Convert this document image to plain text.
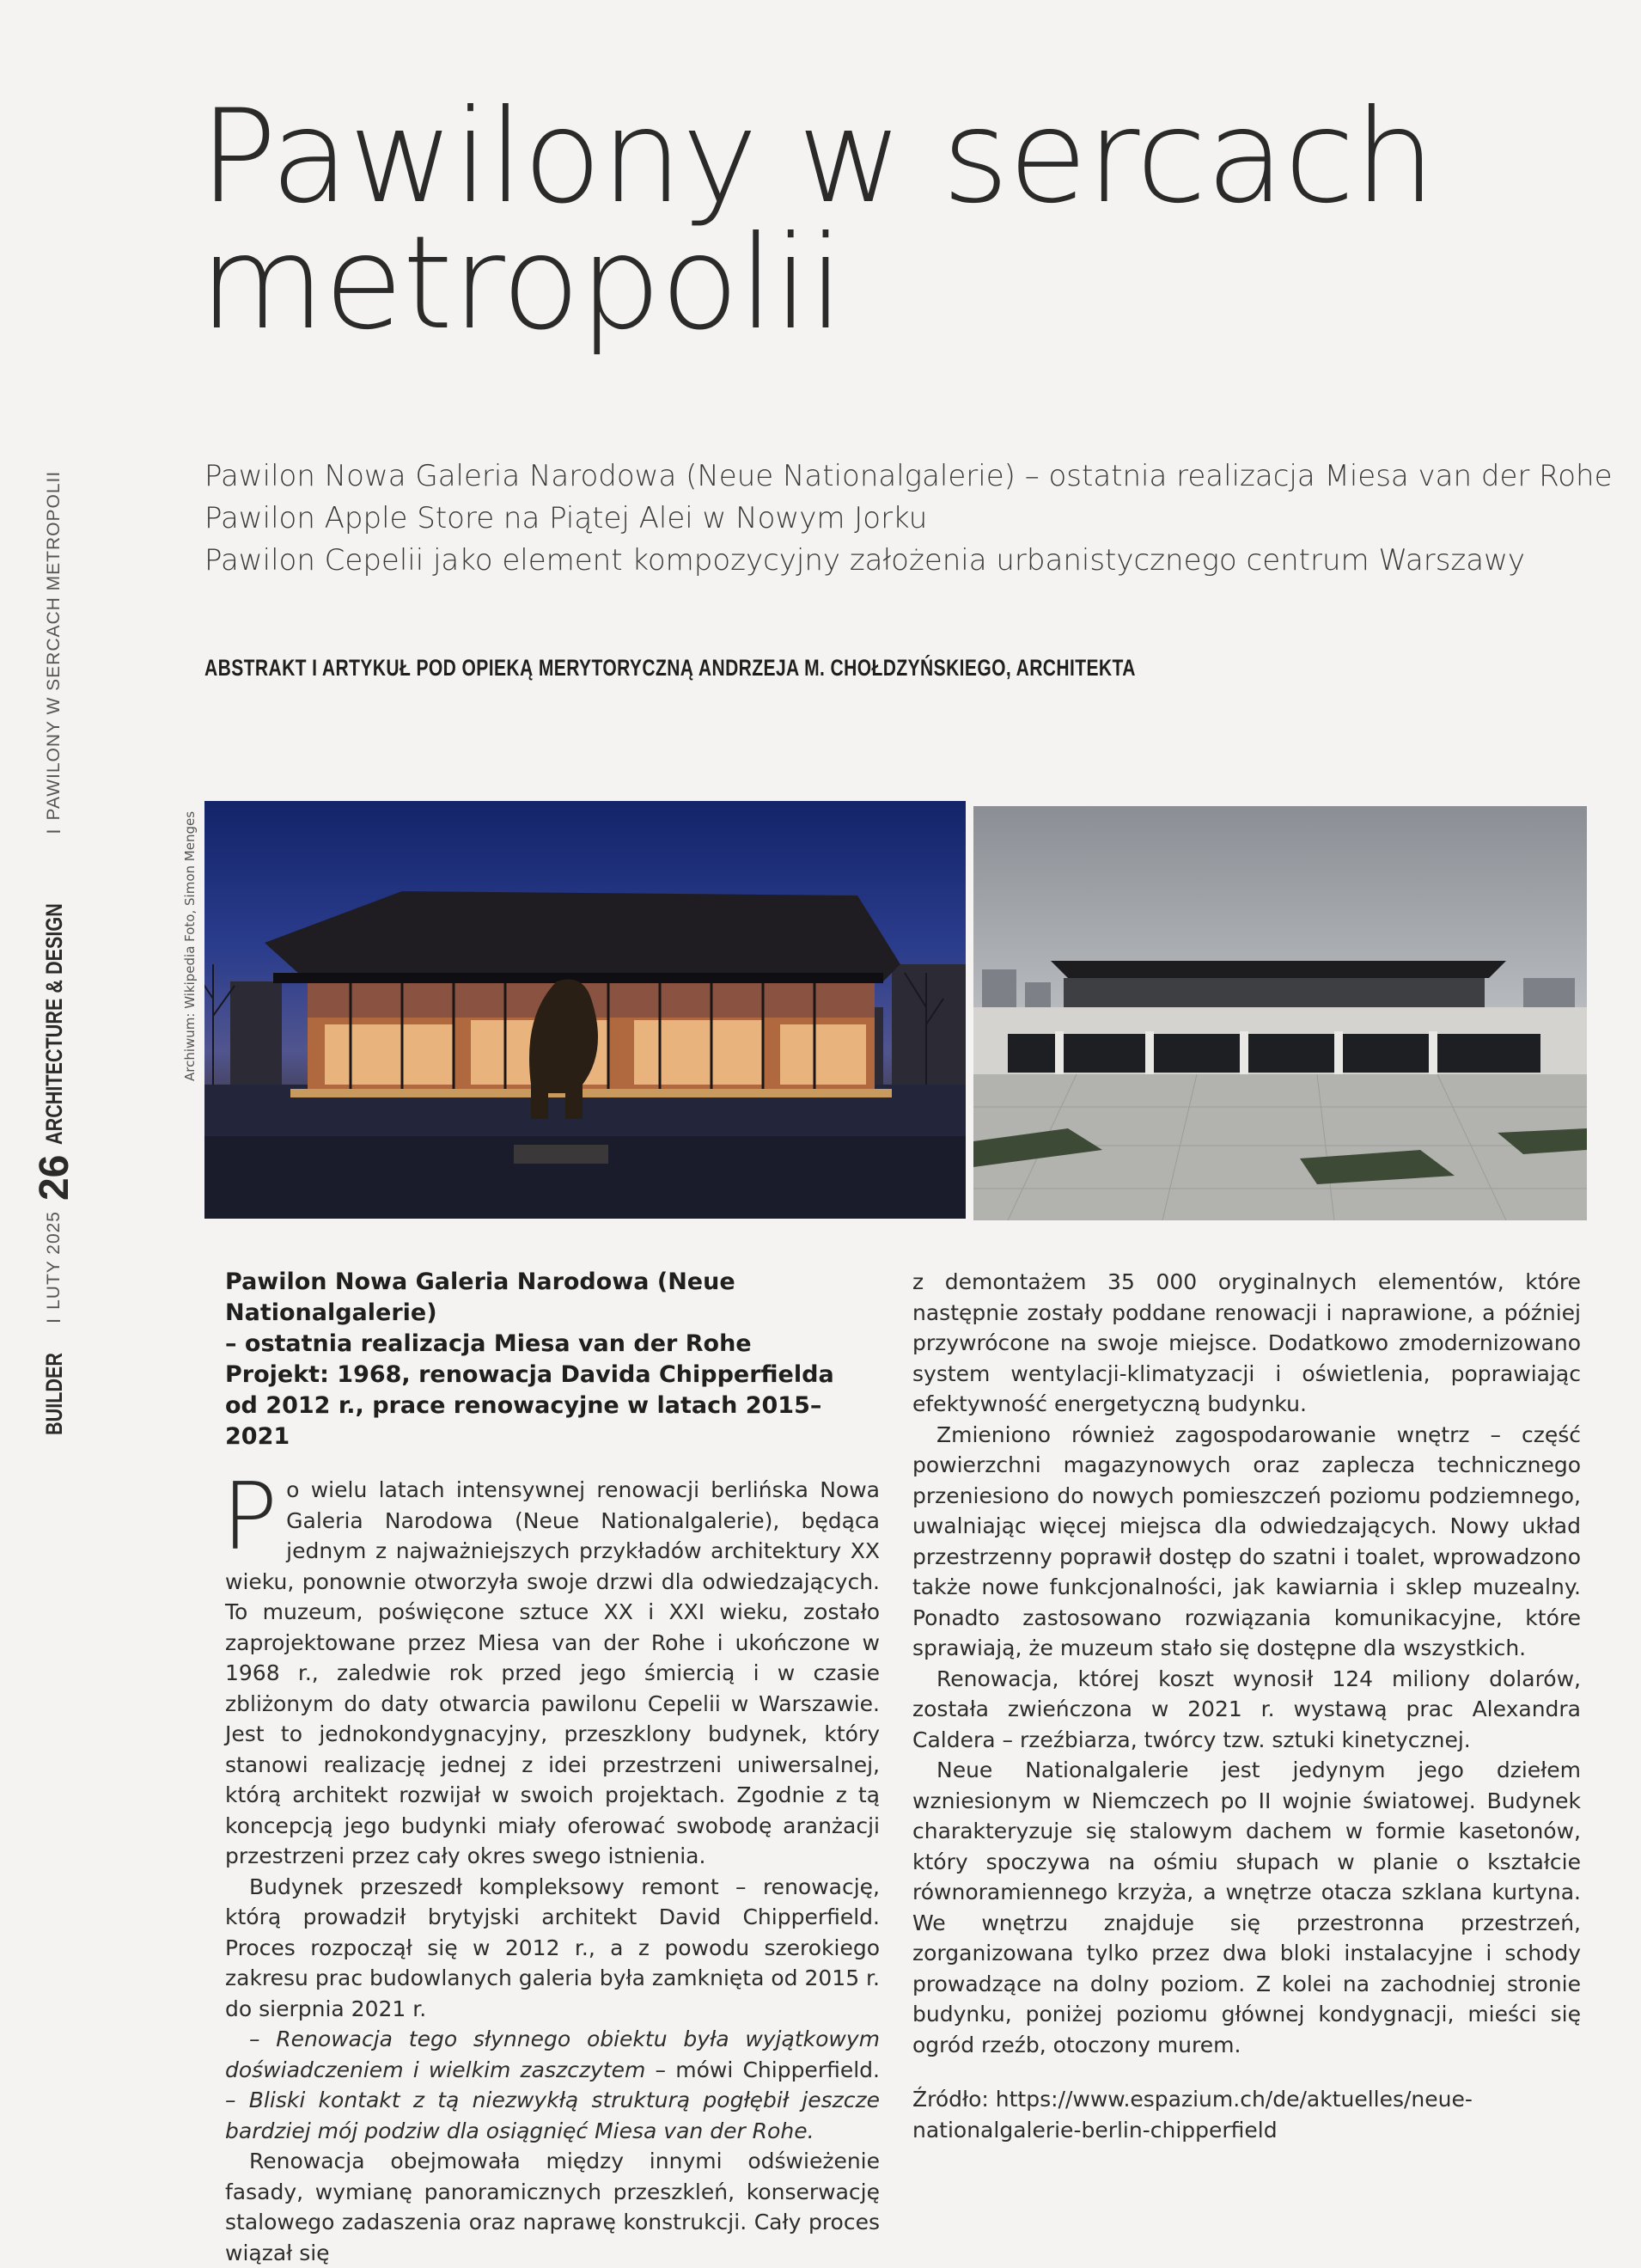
Pawilony w sercach
metropolii

Pawilon Nowa Galeria Narodowa (Neue Nationalgalerie) – ostatnia realizacja Miesa van der Rohe

Pawilon Apple Store na Piątej Alei w Nowym Jorku

Pawilon Cepelii jako element kompozycyjny założenia urbanistycznego centrum Warszawy

ABSTRAKT I ARTYKUŁ POD OPIEKĄ MERYTORYCZNĄ ANDRZEJA M. CHOŁDZYŃSKIEGO, ARCHITEKTA
BUILDER
I
LUTY 2025
26
ARCHITECTURE & DESIGN
I
PAWILONY W SERCACH METROPOLII
Archiwum: Wikipedia Foto, Simon Menges

Pawilon Nowa Galeria Narodowa (Neue Nationalgalerie)

– ostatnia realizacja Miesa van der Rohe

Projekt: 1968, renowacja Davida Chipperfielda

od 2012 r., prace renowacyjne w latach 2015–2021

Po wielu latach intensywnej renowacji berlińska Nowa Galeria Narodowa (Neue Nationalgalerie), będąca jednym z najważniejszych przykładów architektury XX wieku, ponownie otworzyła swoje drzwi dla odwiedzających. To muzeum, poświęcone sztuce XX i XXI wieku, zostało zaprojektowane przez Miesa van der Rohe i ukończone w 1968 r., zaledwie rok przed jego śmiercią i w czasie zbliżonym do daty otwarcia pawilonu Cepelii w Warszawie. Jest to jednokondygnacyjny, przeszklony budynek, który stanowi realizację jednej z idei przestrzeni uniwersalnej, którą architekt rozwijał w swoich projektach. Zgodnie z tą koncepcją jego budynki miały oferować swobodę aranżacji przestrzeni przez cały okres swego istnienia.

Budynek przeszedł kompleksowy remont – renowację, którą prowadził brytyjski architekt David Chipperfield. Proces rozpoczął się w 2012 r., a z powodu szerokiego zakresu prac budowlanych galeria była zamknięta od 2015 r. do sierpnia 2021 r.

– Renowacja tego słynnego obiektu była wyjątkowym doświadczeniem i wielkim zaszczytem – mówi Chipperfield. – Bliski kontakt z tą niezwykłą strukturą pogłębił jeszcze bardziej mój podziw dla osiągnięć Miesa van der Rohe.

Renowacja obejmowała między innymi odświeżenie fasady, wymianę panoramicznych przeszkleń, konserwację stalowego zadaszenia oraz naprawę konstrukcji. Cały proces wiązał się

z demontażem 35 000 oryginalnych elementów, które następnie zostały poddane renowacji i naprawione, a później przywrócone na swoje miejsce. Dodatkowo zmodernizowano system wentylacji-klimatyzacji i oświetlenia, poprawiając efektywność energetyczną budynku.

Zmieniono również zagospodarowanie wnętrz – część powierzchni magazynowych oraz zaplecza technicznego przeniesiono do nowych pomieszczeń poziomu podziemnego, uwalniając więcej miejsca dla odwiedzających. Nowy układ przestrzenny poprawił dostęp do szatni i toalet, wprowadzono także nowe funkcjonalności, jak kawiarnia i sklep muzealny. Ponadto zastosowano rozwiązania komunikacyjne, które sprawiają, że muzeum stało się dostępne dla wszystkich.

Renowacja, której koszt wynosił 124 miliony dolarów, została zwieńczona w 2021 r. wystawą prac Alexandra Caldera – rzeźbiarza, twórcy tzw. sztuki kinetycznej.

Neue Nationalgalerie jest jedynym jego dziełem wzniesionym w Niemczech po II wojnie światowej. Budynek charakteryzuje się stalowym dachem w formie kasetonów, który spoczywa na ośmiu słupach w planie o kształcie równoramiennego krzyża, a wnętrze otacza szklana kurtyna. We wnętrzu znajduje się przestronna przestrzeń, zorganizowana tylko przez dwa bloki instalacyjne i schody prowadzące na dolny poziom. Z kolei na zachodniej stronie budynku, poniżej poziomu głównej kondygnacji, mieści się ogród rzeźb, otoczony murem.

Źródło: https://www.espazium.ch/de/aktuelles/neue-nationalgalerie-berlin-chipperfield
